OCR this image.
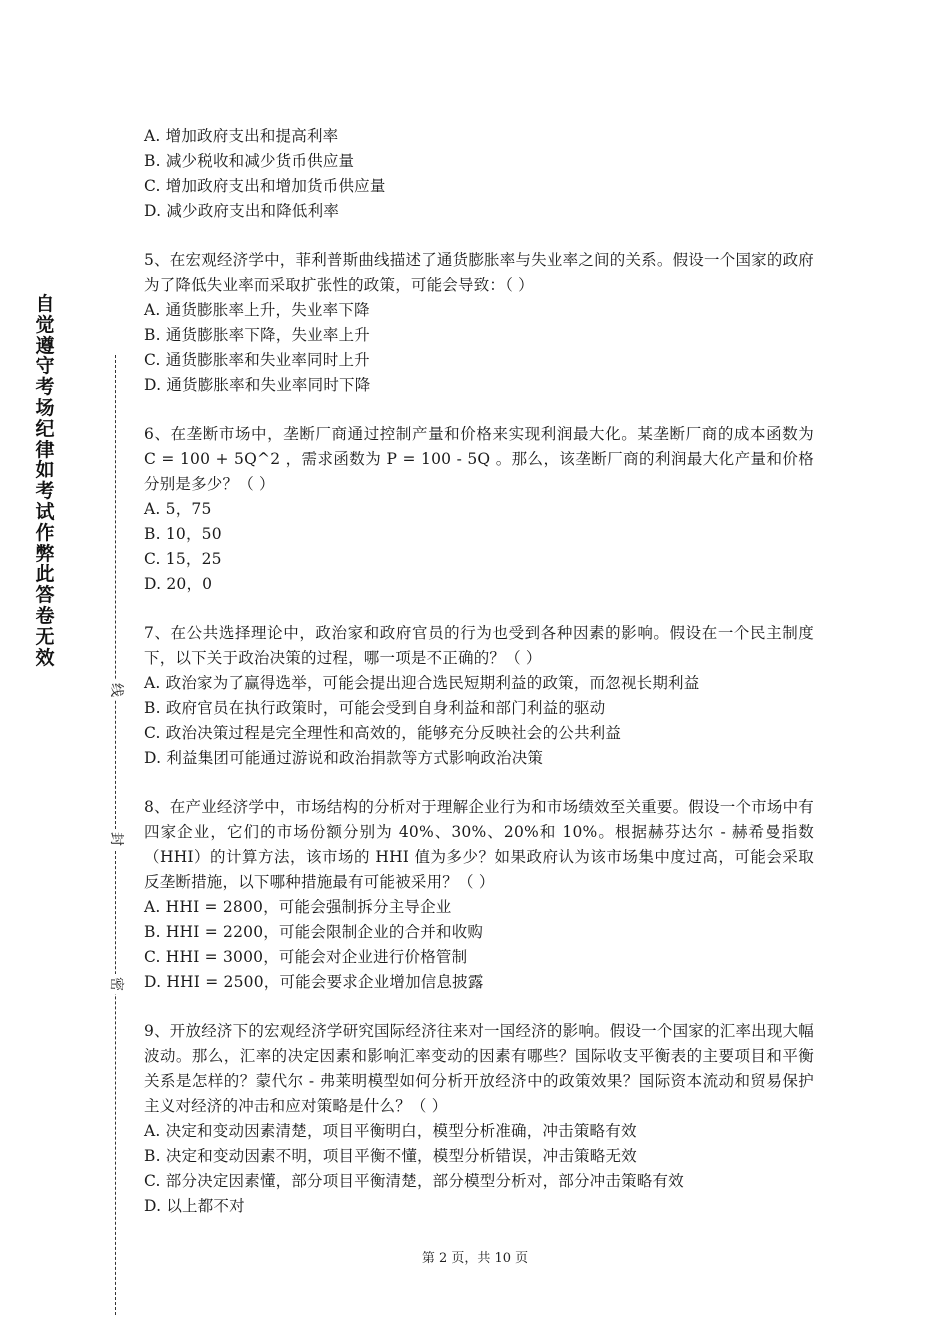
自觉遵守考场纪律如考试作弊此答卷无效
线
封
密
A. 增加政府支出和提高利率
B. 减少税收和减少货币供应量
C. 增加政府支出和增加货币供应量
D. 减少政府支出和降低利率
5、在宏观经济学中，菲利普斯曲线描述了通货膨胀率与失业率之间的关系。假设一个国家的政府为了降低失业率而采取扩张性的政策，可能会导致：（ ）
A. 通货膨胀率上升，失业率下降
B. 通货膨胀率下降，失业率上升
C. 通货膨胀率和失业率同时上升
D. 通货膨胀率和失业率同时下降
6、在垄断市场中，垄断厂商通过控制产量和价格来实现利润最大化。某垄断厂商的成本函数为 C = 100 + 5Q^2 ，需求函数为 P = 100 - 5Q 。那么，该垄断厂商的利润最大化产量和价格分别是多少？（ ）
A. 5，75
B. 10，50
C. 15，25
D. 20，0
7、在公共选择理论中，政治家和政府官员的行为也受到各种因素的影响。假设在一个民主制度下，以下关于政治决策的过程，哪一项是不正确的？（ ）
A. 政治家为了赢得选举，可能会提出迎合选民短期利益的政策，而忽视长期利益
B. 政府官员在执行政策时，可能会受到自身利益和部门利益的驱动
C. 政治决策过程是完全理性和高效的，能够充分反映社会的公共利益
D. 利益集团可能通过游说和政治捐款等方式影响政治决策
8、在产业经济学中，市场结构的分析对于理解企业行为和市场绩效至关重要。假设一个市场中有四家企业，它们的市场份额分别为 40%、30%、20%和 10%。根据赫芬达尔 - 赫希曼指数（HHI）的计算方法，该市场的 HHI 值为多少？如果政府认为该市场集中度过高，可能会采取反垄断措施，以下哪种措施最有可能被采用？（ ）
A. HHI = 2800，可能会强制拆分主导企业
B. HHI = 2200，可能会限制企业的合并和收购
C. HHI = 3000，可能会对企业进行价格管制
D. HHI = 2500，可能会要求企业增加信息披露
9、开放经济下的宏观经济学研究国际经济往来对一国经济的影响。假设一个国家的汇率出现大幅波动。那么，汇率的决定因素和影响汇率变动的因素有哪些？国际收支平衡表的主要项目和平衡关系是怎样的？蒙代尔 - 弗莱明模型如何分析开放经济中的政策效果？国际资本流动和贸易保护主义对经济的冲击和应对策略是什么？（ ）
A. 决定和变动因素清楚，项目平衡明白，模型分析准确，冲击策略有效
B. 决定和变动因素不明，项目平衡不懂，模型分析错误，冲击策略无效
C. 部分决定因素懂，部分项目平衡清楚，部分模型分析对，部分冲击策略有效
D. 以上都不对
第 2 页，共 10 页
